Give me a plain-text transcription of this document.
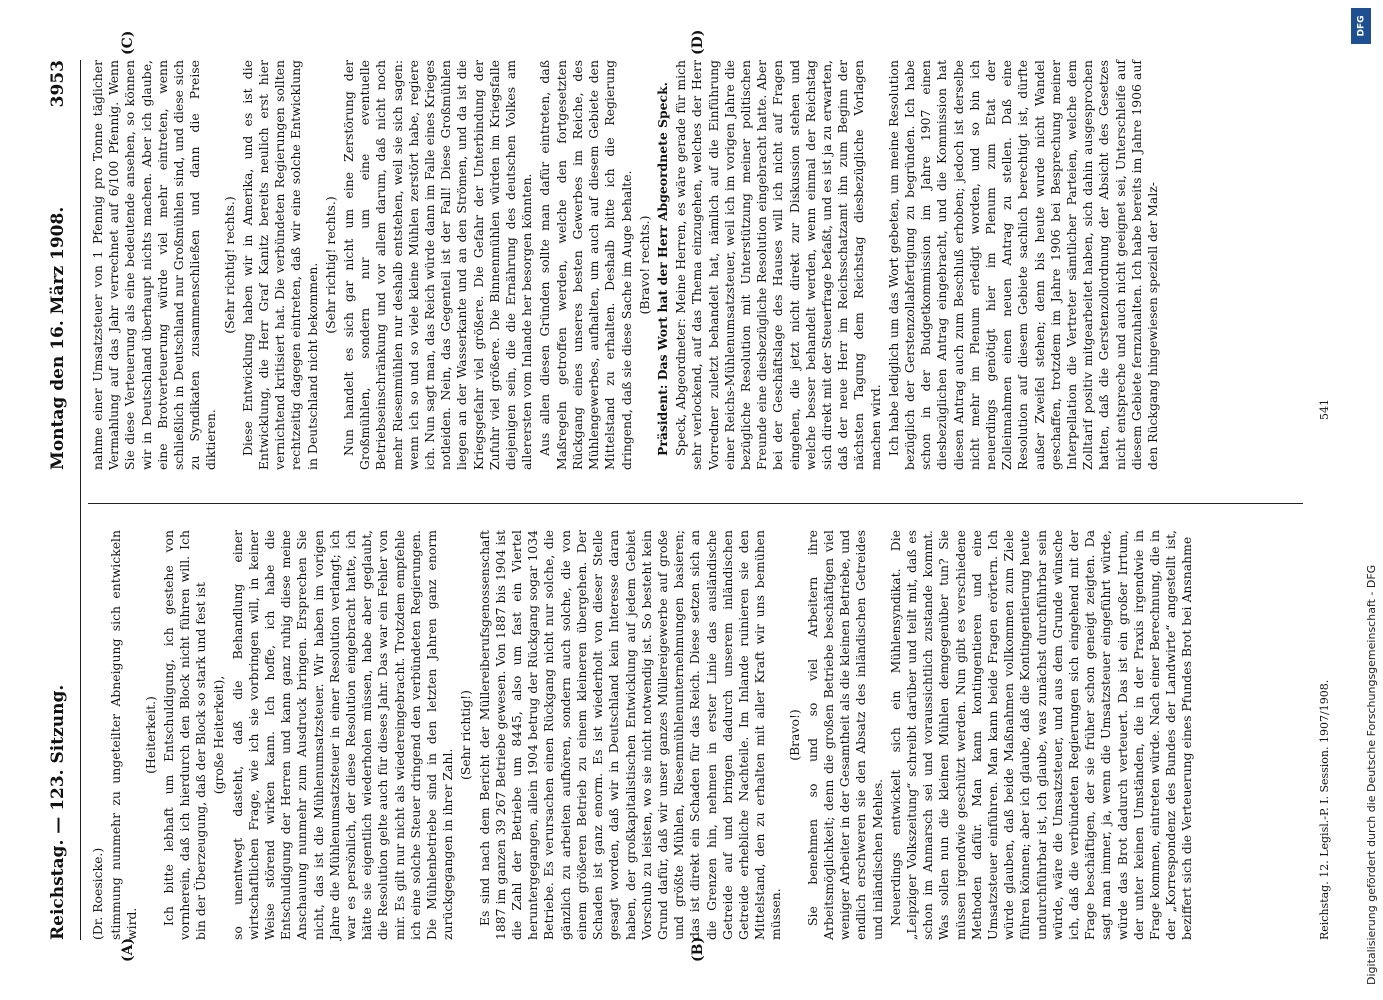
Reichstag. — 123. Sitzung.
Montag den 16. März 1908.
3953
(A)	(B)
(C)	(D)

(Dr. Roesicke.) stimmung nunmehr zu ungeteilter Abneigung sich entwickeln wird.

(Heiterkeit.) Ich bitte lebhaft um Entschuldigung, ich gestehe von vornherein, daß ich hierdurch den Block nicht führen will. Ich bin der Überzeugung, daß der Block so stark und fest ist (große Heiterkeit), so unentwegt dasteht, daß die Behandlung einer wirtschaftlichen Frage, wie ich sie vorbringen will, in keiner Weise störend wirken kann. Ich hoffe, ich habe die Entschuldigung der Herren und kann ganz ruhig diese meine Anschauung nunmehr zum Ausdruck bringen. Ersprechen Sie nicht, das ist die Mühlenumsatzsteuer. Wir haben im vorigen Jahre die Mühlenumsatzsteuer in einer Resolution verlangt; ich war es persönlich, der diese Resolution eingebracht hatte, ich hätte sie eigentlich wiederholen müssen, habe aber geglaubt, die Resolution gelte auch für dieses Jahr. Das war ein Fehler von mir. Es gilt nur nicht als wiedereingebracht. Trotzdem empfehle ich eine solche Steuer dringend den verbündeten Regierungen. Die Mühlenbetriebe sind in den letzten Jahren ganz enorm zurückgegangen in ihrer Zahl.

(Sehr richtig!) Es sind nach dem Bericht der Müllereiberufsgenossenschaft 1887 im ganzen 39 267 Betriebe gewesen. Von 1887 bis 1904 ist die Zahl der Betriebe um 8445, also um fast ein Viertel heruntergegangen, allein 1904 betrug der Rückgang sogar 1034 Betriebe. Es verursachen einen Rückgang nicht nur solche, die gänzlich zu arbeiten aufhören, sondern auch solche, die von einem größeren Betrieb zu einem kleineren übergehen. Der Schaden ist ganz enorm. Es ist wiederholt von dieser Stelle gesagt worden, daß wir in Deutschland kein Interesse daran haben, der großkapitalistischen Entwicklung auf jedem Gebiet Vorschub zu leisten, wo sie nicht notwendig ist. So besteht kein Grund dafür, daß wir unser ganzes Müllereigewerbe auf große und größte Mühlen, Riesenmühlenunternehmungen basieren; das ist direkt ein Schaden für das Reich. Diese setzen sich an die Grenzen hin, nehmen in erster Linie das ausländische Getreide auf und bringen dadurch unserem inländischen Getreide erhebliche Nachteile. Im Inlande ruinieren sie den Mittelstand, den zu erhalten mit aller Kraft wir uns bemühen müssen.

(Bravo!) Sie benehmen so und so viel Arbeitern ihre Arbeitsmöglichkeit; denn die großen Betriebe beschäftigen viel weniger Arbeiter in der Gesamtheit als die kleinen Betriebe, und endlich erschweren sie den Absatz des inländischen Getreides und inländischen Mehles. Neuerdings entwickelt sich ein Mühlensyndikat. Die „Leipziger Volkszeitung“ schreibt darüber und teilt mit, daß es schon im Anmarsch sei und voraussichtlich zustande kommt. Was sollen nun die kleinen Mühlen demgegenüber tun? Sie müssen irgendwie geschützt werden. Nun gibt es verschiedene Methoden dafür. Man kann kontingentieren und eine Umsatzsteuer einführen. Man kann beide Fragen erörtern. Ich würde glauben, daß beide Maßnahmen vollkommen zum Ziele führen können; aber ich glaube, daß die Kontingentierung heute undurchführbar ist, ich glaube, was zunächst durchführbar sein würde, wäre die Umsatzsteuer, und aus dem Grunde wünsche ich, daß die verbündeten Regierungen sich eingehend mit der Frage beschäftigen, der sie früher schon geneigt zeigten. Da sagt man immer, ja, wenn die Umsatzsteuer eingeführt würde, würde das Brot dadurch verteuert. Das ist ein großer Irrtum, der unter keinen Umständen, die in der Praxis irgendwie in Frage kommen, eintreten würde. Nach einer Berechnung, die in der „Korrespondenz des Bundes der Landwirte“ angestellt ist, beziffert sich die Verteuerung eines Pfundes Brot bei Ansnahme

nahme einer Umsatzsteuer von 1 Pfennig pro Tonne täglicher Vermahlung auf das Jahr verrechnet auf 6/100 Pfennig. Wenn Sie diese Verteuerung als eine bedeutende ansehen, so können wir in Deutschland überhaupt nichts machen. Aber ich glaube, eine Brotverteuerung würde viel mehr eintreten, wenn schließlich in Deutschland nur Großmühlen sind, und diese sich zu Syndikaten zusammenschließen und dann die Preise diktieren.

(Sehr richtig! rechts.) Diese Entwicklung haben wir in Amerika, und es ist die Entwicklung, die Herr Graf Kanitz bereits neulich erst hier vernichtend kritisiert hat. Die verbündeten Regierungen sollten rechtzeitig dagegen eintreten, daß wir eine solche Entwicklung in Deutschland nicht bekommen. (Sehr richtig! rechts.) Nun handelt es sich gar nicht um eine Zerstörung der Großmühlen, sondern nur um eine eventuelle Betriebseinschränkung und vor allem darum, daß nicht noch mehr Riesenmühlen nur deshalb entstehen, weil sie sich sagen: wenn ich so und so viele kleine Mühlen zerstört habe, regiere ich. Nun sagt man, das Reich würde dann im Falle eines Krieges notleiden. Nein, das Gegenteil ist der Fall! Diese Großmühlen liegen an der Wasserkante und an den Strömen, und da ist die Kriegsgefahr viel größere. Die Gefahr der Unterbindung der Zufuhr viel größere. Die Binnenmühlen würden im Kriegsfalle diejenigen sein, die die Ernährung des deutschen Volkes am allerersten vom Inlande her besorgen könnten. Aus allen diesen Gründen sollte man dafür eintreten, daß Maßregeln getroffen werden, welche den fortgesetzten Rückgang eines unseres besten Gewerbes im Reiche, des Mühlengewerbes, aufhalten, um auch auf diesem Gebiete den Mittelstand zu erhalten. Deshalb bitte ich die Regierung dringend, daß sie diese Sache im Auge behalte. (Bravo! rechts.) Präsident: Das Wort hat der Herr Abgeordnete Speck. Speck, Abgeordneter: Meine Herren, es wäre gerade für mich sehr verlockend, auf das Thema einzugehen, welches der Herr Vorredner zuletzt behandelt hat, nämlich auf die Einführung einer Reichs-Mühlenumsatzsteuer, weil ich im vorigen Jahre die bezügliche Resolution mit Unterstützung meiner politischen Freunde eine diesbezügliche Resolution eingebracht hatte. Aber bei der Geschäftslage des Hauses will ich nicht auf Fragen eingehen, die jetzt nicht direkt zur Diskussion stehen und welche besser behandelt werden, wenn einmal der Reichstag sich direkt mit der Steuerfrage befaßt, und es ist ja zu erwarten, daß der neue Herr im Reichsschatzamt ihn zum Beginn der nächsten Tagung dem Reichstag diesbezügliche Vorlagen machen wird. Ich habe lediglich um das Wort gebeten, um meine Resolution bezüglich der Gerstenzollabfertigung zu begründen. Ich habe schon in der Budgetkommission im Jahre 1907 einen diesbezüglichen Antrag eingebracht, und die Kommission hat diesen Antrag auch zum Beschluß erhoben; jedoch ist derselbe nicht mehr im Plenum erledigt worden, und so bin ich neuerdings genötigt hier im Plenum zum Etat der Zolleinnahmen einen neuen Antrag zu stellen. Daß eine Resolution auf diesem Gebiete sachlich berechtigt ist, dürfte außer Zweifel stehen; denn bis heute wurde nicht Wandel geschaffen, trotzdem im Jahre 1906 bei Besprechung meiner Interpellation die Vertreter sämtlicher Parteien, welche dem Zolltarif positiv mitgearbeitet haben, sich dahin ausgesprochen hatten, daß die Gerstenzollordnung der Absicht des Gesetzes nicht entspreche und auch nicht geeignet sei, Unterschleife auf diesem Gebiete fernzuhalten. Ich habe bereits im Jahre 1906 auf den Rückgang hingewiesen speziell der Malz-

Reichstag. 12. Legisl.-P. I. Session. 1907/1908.
541
Digitalisierung gefördert durch die Deutsche Forschungsgemeinschaft - DFG
DFG
